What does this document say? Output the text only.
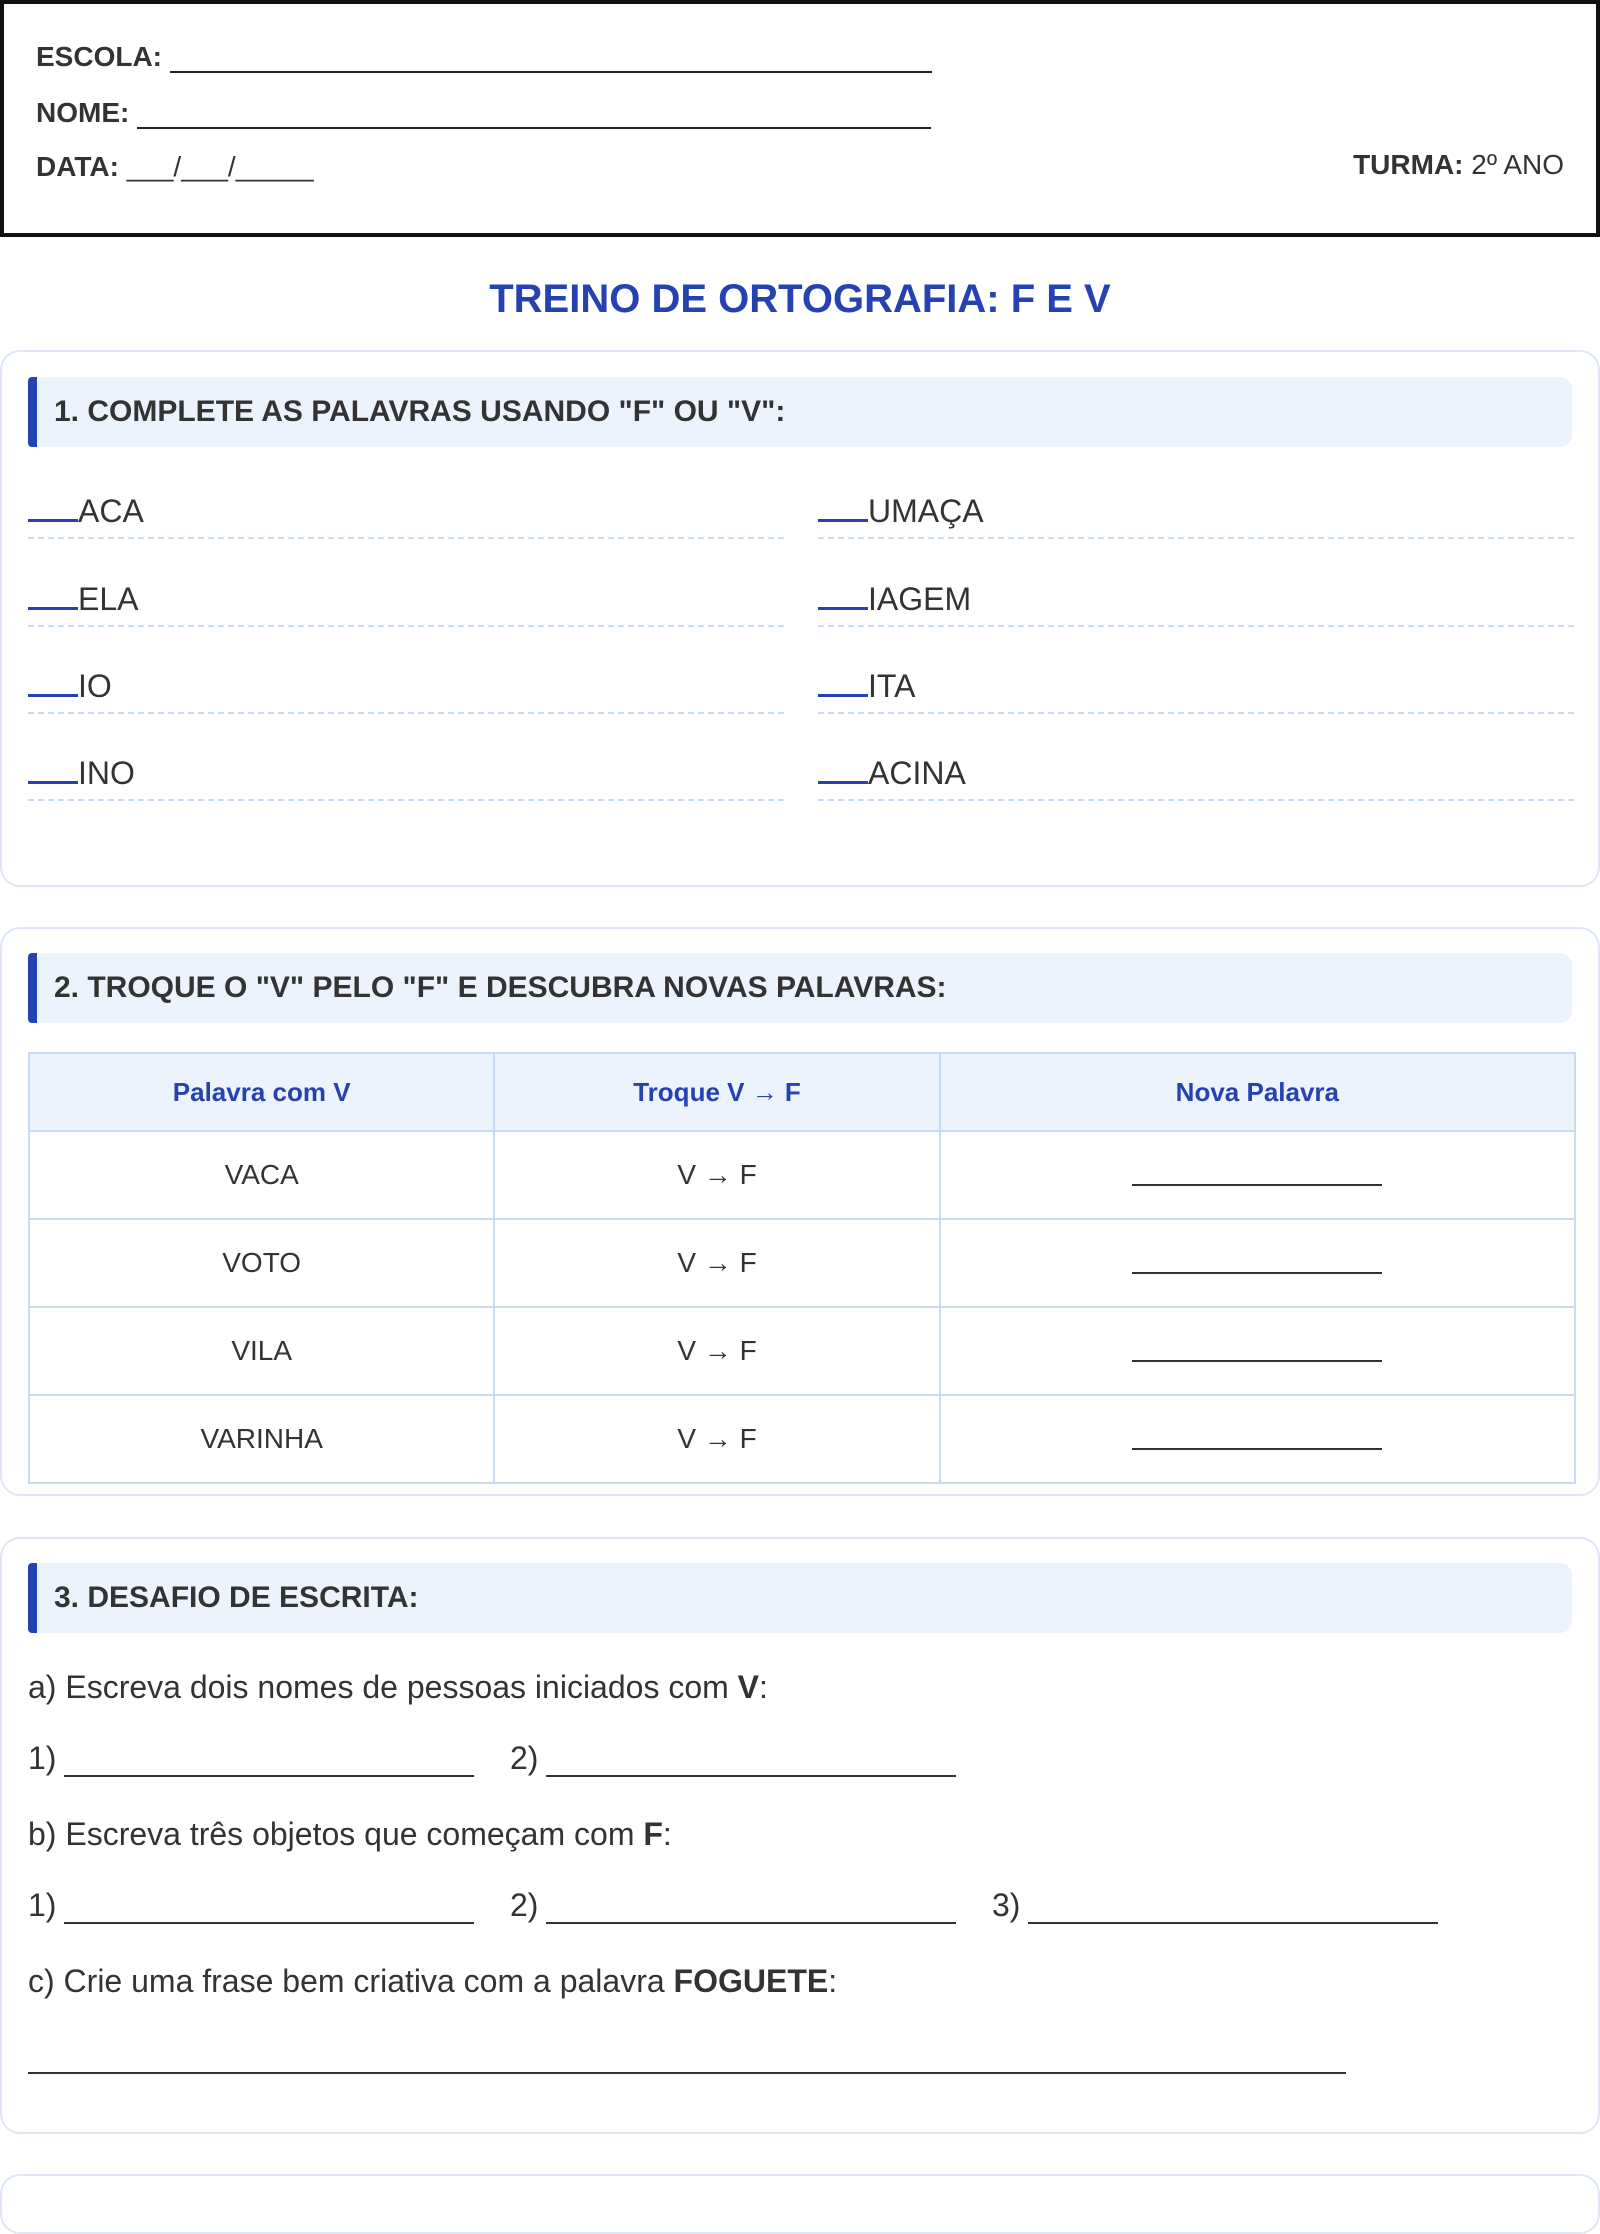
ESCOLA:
NOME:
DATA: ___/___/_____	TURMA: 2º ANO
TREINO DE ORTOGRAFIA: F E V
1. COMPLETE AS PALAVRAS USANDO "F" OU "V":
ACA	UMAÇA
ELA	IAGEM
IO	ITA
INO	ACINA
2. TROQUE O "V" PELO "F" E DESCUBRA NOVAS PALAVRAS:
Palavra com V	Troque V → F	Nova Palavra
VACA	V → F	
VOTO	V → F	
VILA	V → F	
VARINHA	V → F	
3. DESAFIO DE ESCRITA:
a) Escreva dois nomes de pessoas iniciados com V:
1)	2)
b) Escreva três objetos que começam com F:
1)	2)	3)
c) Crie uma frase bem criativa com a palavra FOGUETE:
